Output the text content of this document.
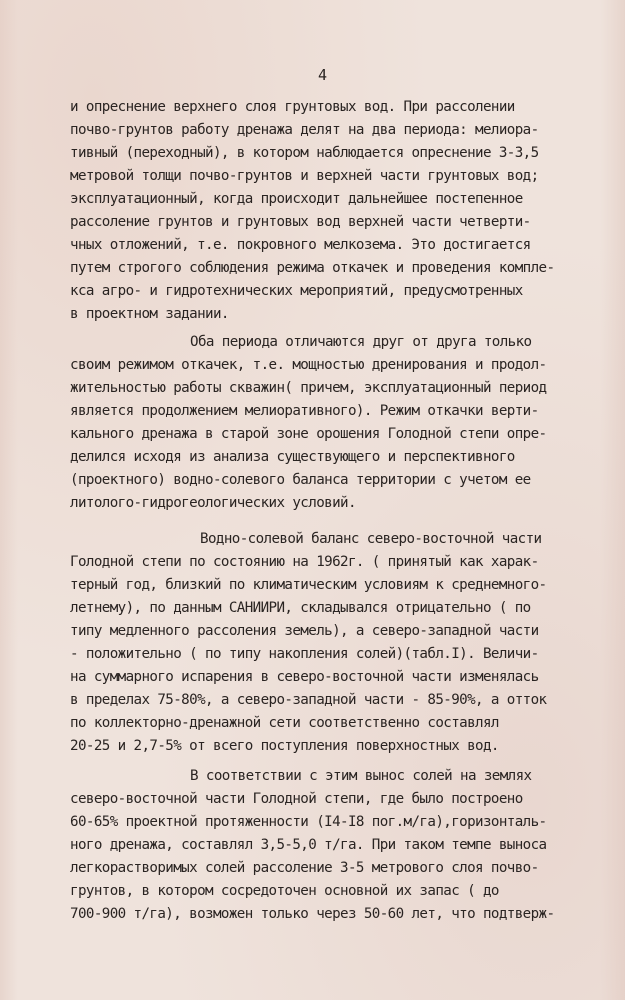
4
и опреснение верхнего слоя грунтовых вод. При рассолении
почво-грунтов работу дренажа делят на два периода: мелиора-
тивный (переходный), в котором наблюдается опреснение 3-3,5
метровой толщи почво-грунтов и верхней части грунтовых вод;
эксплуатационный, когда происходит дальнейшее постепенное
рассоление грунтов и грунтовых вод верхней части четверти-
чных отложений, т.е. покровного мелкозема. Это достигается
путем строгого соблюдения режима откачек и проведения компле-
кса агро- и гидротехнических мероприятий, предусмотренных
в проектном задании.
Оба периода отличаются друг от друга только
своим режимом откачек, т.е. мощностью дренирования и продол-
жительностью работы скважин( причем, эксплуатационный период
является продолжением мелиоративного). Режим откачки верти-
кального дренажа в старой зоне орошения Голодной степи опре-
делился исходя из анализа существующего и перспективного
(проектного) водно-солевого баланса территории с учетом ее
литолого-гидрогеологических условий.
Водно-солевой баланс северо-восточной части
Голодной степи по состоянию на 1962г. ( принятый как харак-
терный год, близкий по климатическим условиям к среднемного-
летнему), по данным САНИИРИ, складывался отрицательно ( по
типу медленного рассоления земель), а северо-западной части
- положительно ( по типу накопления солей)(табл.I). Величи-
на суммарного испарения в северо-восточной части изменялась
в пределах 75-80%, а северо-западной части - 85-90%, а отток
по коллекторно-дренажной сети соответственно составлял
20-25 и 2,7-5% от всего поступления поверхностных вод.
В соответствии с этим вынос солей на землях
северо-восточной части Голодной степи, где было построено
60-65% проектной протяженности (I4-I8 пог.м/га),горизонталь-
ного дренажа, составлял 3,5-5,0 т/га. При таком темпе выноса
легкорастворимых солей рассоление 3-5 метрового слоя почво-
грунтов, в котором сосредоточен основной их запас ( до
700-900 т/га), возможен только через 50-60 лет, что подтверж-
